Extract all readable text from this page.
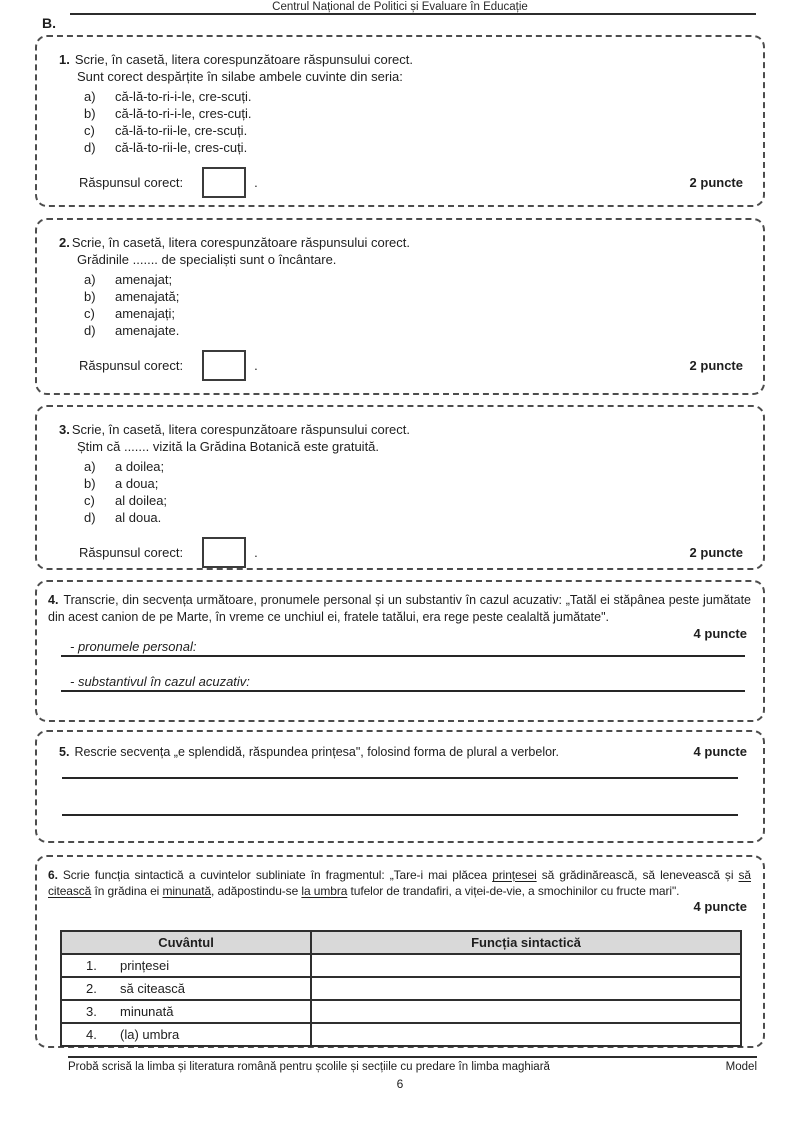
Centrul Național de Politici și Evaluare în Educație
B.
1. Scrie, în casetă, litera corespunzătoare răspunsului corect.
Sunt corect despărțite în silabe ambele cuvinte din seria:
a) că-lă-to-ri-i-le, cre-scuți.
b) că-lă-to-ri-i-le, cres-cuți.
c) că-lă-to-rii-le, cre-scuți.
d) că-lă-to-rii-le, cres-cuți.
Răspunsul corect:	.	2 puncte
2. Scrie, în casetă, litera corespunzătoare răspunsului corect.
Grădinile ....... de specialiști sunt o încântare.
a) amenajat;
b) amenajată;
c) amenajați;
d) amenajate.
Răspunsul corect:	.	2 puncte
3. Scrie, în casetă, litera corespunzătoare răspunsului corect.
Știm că ....... vizită la Grădina Botanică este gratuită.
a) a doilea;
b) a doua;
c) al doilea;
d) al doua.
Răspunsul corect:	.	2 puncte
4. Transcrie, din secvența următoare, pronumele personal și un substantiv în cazul acuzativ: „Tatăl ei stăpânea peste jumătate din acest canion de pe Marte, în vreme ce unchiul ei, fratele tatălui, era rege peste cealaltă jumătate".
4 puncte
- pronumele personal:
- substantivul în cazul acuzativ:
5. Rescrie secvența „e splendidă, răspundea prințesa", folosind forma de plural a verbelor.	4 puncte
6. Scrie funcția sintactică a cuvintelor subliniate în fragmentul: „Tare-i mai plăcea prințesei să grădinărească, să lenevească și să citească în grădina ei minunată, adăpostindu-se la umbra tufelor de trandafiri, a viței-de-vie, a smochinilor cu fructe mari".
4 puncte
Cuvântul	Funcția sintactică
1. prințesei	
2. să citească	
3. minunată	
4. (la) umbra	
Probă scrisă la limba și literatura română pentru școlile și secțiile cu predare în limba maghiară	Model
6
